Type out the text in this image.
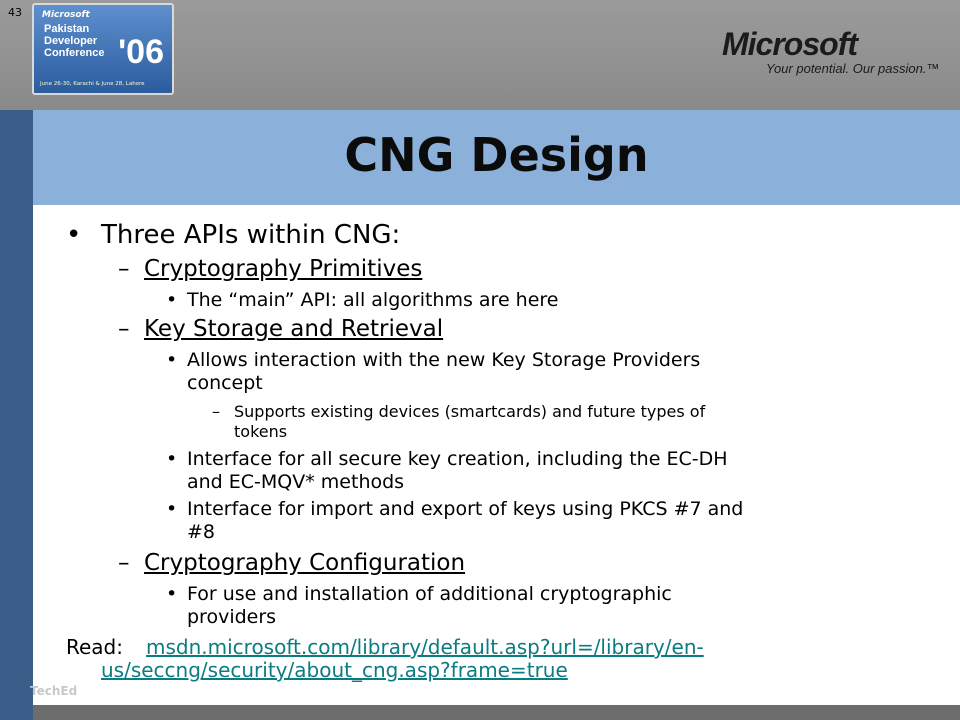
43 Microsoft
Pakistan
Developer
Conference '06
June 26-30, Karachi & June 28, Lahore
Microsoft
Your potential. Our passion.™
CNG Design
•
–
•
–
•
–
•
•
–
•
Three APIs within CNG:
Cryptography Primitives
The “main” API: all algorithms are here
Key Storage and Retrieval
Allows interaction with the new Key Storage Providers
concept
Supports existing devices (smartcards) and future types of
tokens
Interface for all secure key creation, including the EC-DH
and EC-MQV* methods
Interface for import and export of keys using PKCS #7 and
#8
Cryptography Configuration
For use and installation of additional cryptographic
providers
Read: msdn.microsoft.com/library/default.asp?url=/library/en-
us/seccng/security/about_cng.asp?frame=true
TechEd
